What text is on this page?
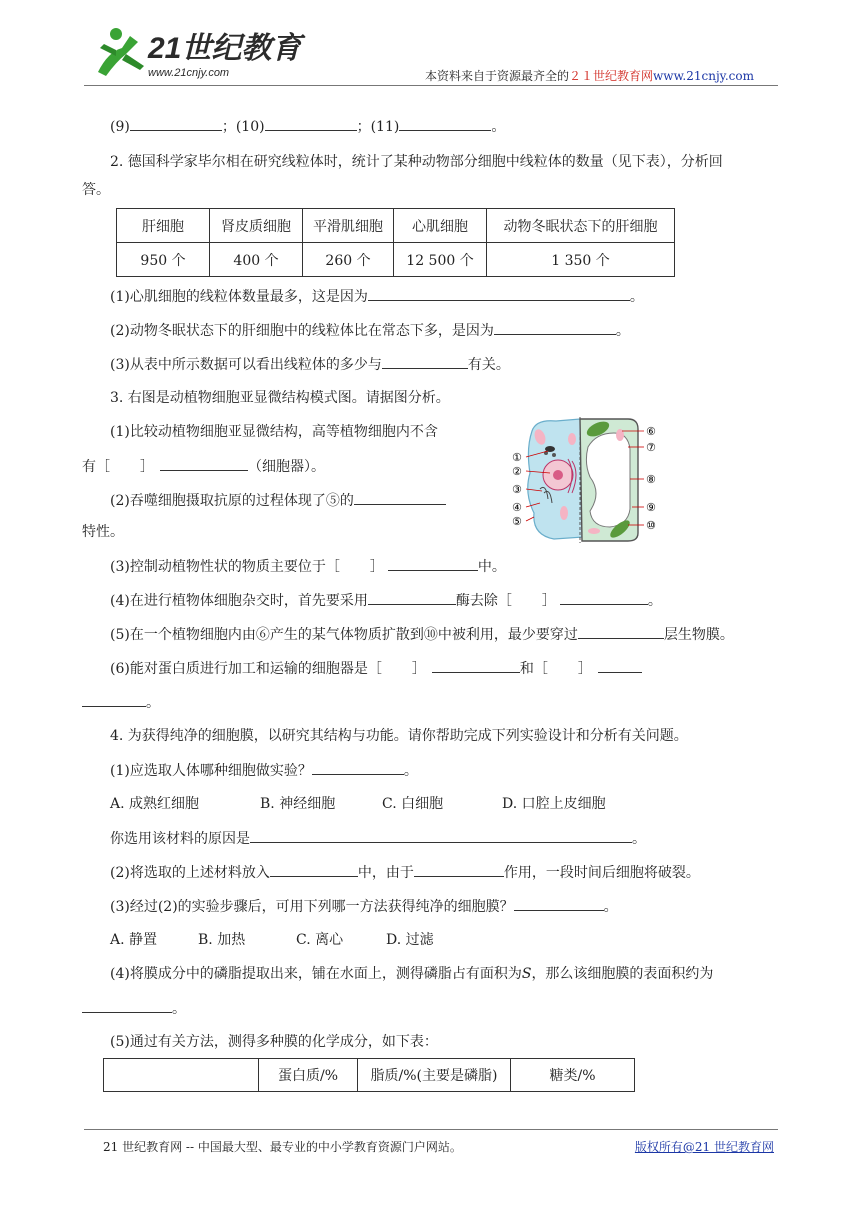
21世纪教育
www.21cnjy.com	本资料来自于资源最齐全的２１世纪教育网www.21cnjy.com
(9)	；(10)	；(11)	。
2. 德国科学家毕尔相在研究线粒体时，统计了某种动物部分细胞中线粒体的数量（见下表），分析回
答。
肝细胞	肾皮质细胞	平滑肌细胞	心肌细胞	动物冬眠状态下的肝细胞
950 个	400 个	260 个	12 500 个	1 350 个
(1)心肌细胞的线粒体数量最多，这是因为	。
(2)动物冬眠状态下的肝细胞中的线粒体比在常态下多，是因为	。
(3)从表中所示数据可以看出线粒体的多少与	有关。
3. 右图是动植物细胞亚显微结构模式图。请据图分析。
(1)比较动植物细胞亚显微结构，高等植物细胞内不含
有［ ］	（细胞器）。
(2)吞噬细胞摄取抗原的过程体现了⑤的
特性。
①
②
③
④
⑤
⑥
⑦
⑧
⑨
⑩
(3)控制动植物性状的物质主要位于［ ］	中。
(4)在进行植物体细胞杂交时，首先要采用	酶去除［ ］	。
(5)在一个植物细胞内由⑥产生的某气体物质扩散到⑩中被利用，最少要穿过	层生物膜。
(6)能对蛋白质进行加工和运输的细胞器是［ ］	和［ ］
。
4. 为获得纯净的细胞膜，以研究其结构与功能。请你帮助完成下列实验设计和分析有关问题。
(1)应选取人体哪种细胞做实验？	。
A. 成熟红细胞	B. 神经细胞	C. 白细胞	D. 口腔上皮细胞
你选用该材料的原因是	。
(2)将选取的上述材料放入	中，由于	作用，一段时间后细胞将破裂。
(3)经过(2)的实验步骤后，可用下列哪一方法获得纯净的细胞膜？	。
A. 静置	B. 加热	C. 离心	D. 过滤
(4)将膜成分中的磷脂提取出来，铺在水面上，测得磷脂占有面积为S，那么该细胞膜的表面积约为
。
(5)通过有关方法，测得多种膜的化学成分，如下表：
	蛋白质/%	脂质/%(主要是磷脂)	糖类/%
21 世纪教育网 -- 中国最大型、最专业的中小学教育资源门户网站。	版权所有@21 世纪教育网
